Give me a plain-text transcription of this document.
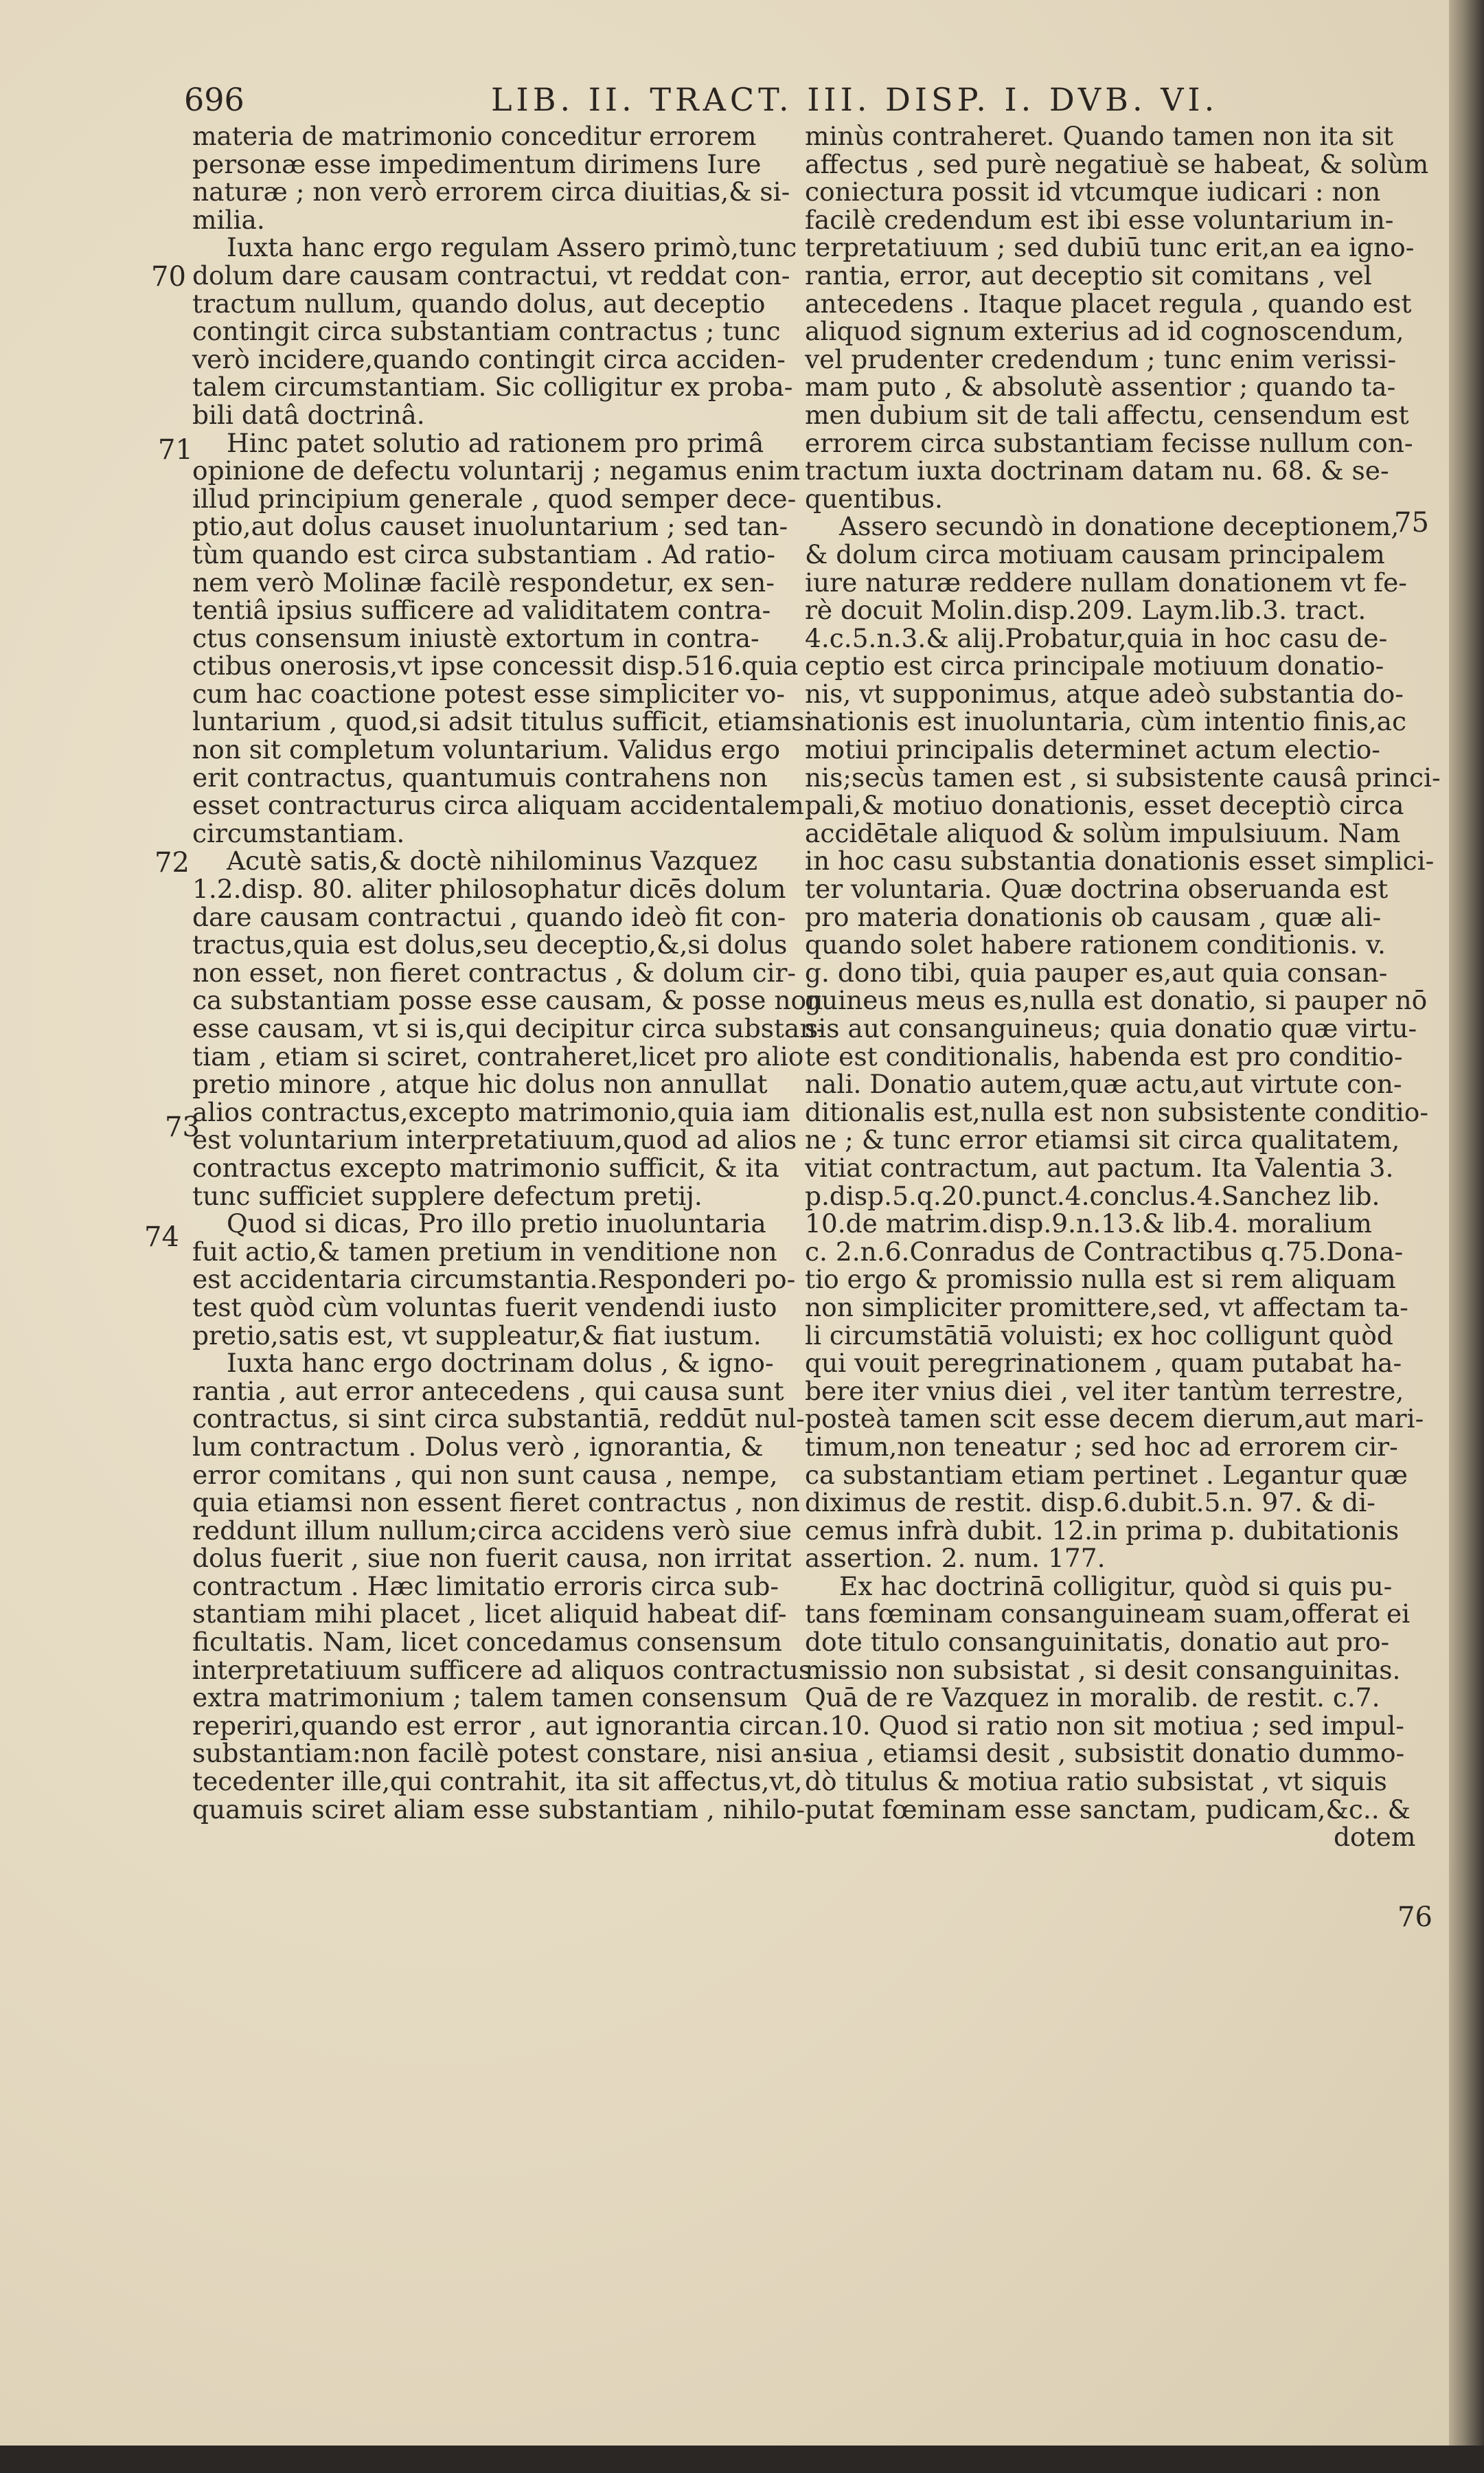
696	LIB. II. TRACT. III. DISP. I. DVB. VI.
70
71
72
73
74
75
76
materia de matrimonio conceditur errorem
personæ esse impedimentum dirimens Iure
naturæ ; non verò errorem circa diuitias,& si-
milia.
Iuxta hanc ergo regulam Assero primò,tunc
dolum dare causam contractui, vt reddat con-
tractum nullum, quando dolus, aut deceptio
contingit circa substantiam contractus ; tunc
verò incidere,quando contingit circa acciden-
talem circumstantiam. Sic colligitur ex proba-
bili datâ doctrinâ.
Hinc patet solutio ad rationem pro primâ
opinione de defectu voluntarij ; negamus enim
illud principium generale , quod semper dece-
ptio,aut dolus causet inuoluntarium ; sed tan-
tùm quando est circa substantiam . Ad ratio-
nem verò Molinæ facilè respondetur, ex sen-
tentiâ ipsius sufficere ad validitatem contra-
ctus consensum iniustè extortum in contra-
ctibus onerosis,vt ipse concessit disp.516.quia
cum hac coactione potest esse simpliciter vo-
luntarium , quod,si adsit titulus sufficit, etiamsi
non sit completum voluntarium. Validus ergo
erit contractus, quantumuis contrahens non
esset contracturus circa aliquam accidentalem
circumstantiam.
Acutè satis,& doctè nihilominus Vazquez
1.2.disp. 80. aliter philosophatur dicēs dolum
dare causam contractui , quando ideò fit con-
tractus,quia est dolus,seu deceptio,&,si dolus
non esset, non fieret contractus , & dolum cir-
ca substantiam posse esse causam, & posse non
esse causam, vt si is,qui decipitur circa substan-
tiam , etiam si sciret, contraheret,licet pro alio
pretio minore , atque hic dolus non annullat
alios contractus,excepto matrimonio,quia iam
est voluntarium interpretatiuum,quod ad alios
contractus excepto matrimonio sufficit, & ita
tunc sufficiet supplere defectum pretij.
Quod si dicas, Pro illo pretio inuoluntaria
fuit actio,& tamen pretium in venditione non
est accidentaria circumstantia.Responderi po-
test quòd cùm voluntas fuerit vendendi iusto
pretio,satis est, vt suppleatur,& fiat iustum.
Iuxta hanc ergo doctrinam dolus , & igno-
rantia , aut error antecedens , qui causa sunt
contractus, si sint circa substantiā, reddūt nul-
lum contractum . Dolus verò , ignorantia, &
error comitans , qui non sunt causa , nempe,
quia etiamsi non essent fieret contractus , non
reddunt illum nullum;circa accidens verò siue
dolus fuerit , siue non fuerit causa, non irritat
contractum . Hæc limitatio erroris circa sub-
stantiam mihi placet , licet aliquid habeat dif-
ficultatis. Nam, licet concedamus consensum
interpretatiuum sufficere ad aliquos contractus
extra matrimonium ; talem tamen consensum
reperiri,quando est error , aut ignorantia circa
substantiam:non facilè potest constare, nisi an-
tecedenter ille,qui contrahit, ita sit affectus,vt,
quamuis sciret aliam esse substantiam , nihilo-
minùs contraheret. Quando tamen non ita sit
affectus , sed purè negatiuè se habeat, & solùm
coniectura possit id vtcumque iudicari : non
facilè credendum est ibi esse voluntarium in-
terpretatiuum ; sed dubiū tunc erit,an ea igno-
rantia, error, aut deceptio sit comitans , vel
antecedens . Itaque placet regula , quando est
aliquod signum exterius ad id cognoscendum,
vel prudenter credendum ; tunc enim verissi-
mam puto , & absolutè assentior ; quando ta-
men dubium sit de tali affectu, censendum est
errorem circa substantiam fecisse nullum con-
tractum iuxta doctrinam datam nu. 68. & se-
quentibus.
Assero secundò in donatione deceptionem,
& dolum circa motiuam causam principalem
iure naturæ reddere nullam donationem vt fe-
rè docuit Molin.disp.209. Laym.lib.3. tract.
4.c.5.n.3.& alij.Probatur,quia in hoc casu de-
ceptio est circa principale motiuum donatio-
nis, vt supponimus, atque adeò substantia do-
nationis est inuoluntaria, cùm intentio finis,ac
motiui principalis determinet actum electio-
nis;secùs tamen est , si subsistente causâ princi-
pali,& motiuo donationis, esset deceptiò circa
accidētale aliquod & solùm impulsiuum. Nam
in hoc casu substantia donationis esset simplici-
ter voluntaria. Quæ doctrina obseruanda est
pro materia donationis ob causam , quæ ali-
quando solet habere rationem conditionis. v.
g. dono tibi, quia pauper es,aut quia consan-
guineus meus es,nulla est donatio, si pauper nō
sis aut consanguineus; quia donatio quæ virtu-
te est conditionalis, habenda est pro conditio-
nali. Donatio autem,quæ actu,aut virtute con-
ditionalis est,nulla est non subsistente conditio-
ne ; & tunc error etiamsi sit circa qualitatem,
vitiat contractum, aut pactum. Ita Valentia 3.
p.disp.5.q.20.punct.4.conclus.4.Sanchez lib.
10.de matrim.disp.9.n.13.& lib.4. moralium
c. 2.n.6.Conradus de Contractibus q.75.Dona-
tio ergo & promissio nulla est si rem aliquam
non simpliciter promittere,sed, vt affectam ta-
li circumstātiā voluisti; ex hoc colligunt quòd
qui vouit peregrinationem , quam putabat ha-
bere iter vnius diei , vel iter tantùm terrestre,
posteà tamen scit esse decem dierum,aut mari-
timum,non teneatur ; sed hoc ad errorem cir-
ca substantiam etiam pertinet . Legantur quæ
diximus de restit. disp.6.dubit.5.n. 97. & di-
cemus infrà dubit. 12.in prima p. dubitationis
assertion. 2. num. 177.
Ex hac doctrinā colligitur, quòd si quis pu-
tans fœminam consanguineam suam,offerat ei
dote titulo consanguinitatis, donatio aut pro-
missio non subsistat , si desit consanguinitas.
Quā de re Vazquez in moralib. de restit. c.7.
n.10. Quod si ratio non sit motiua ; sed impul-
siua , etiamsi desit , subsistit donatio dummo-
dò titulus & motiua ratio subsistat , vt siquis
putat fœminam esse sanctam, pudicam,&c.. &
dotem
